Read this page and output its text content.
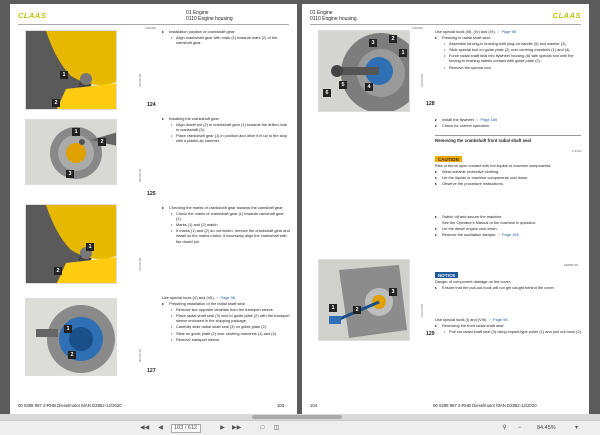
CLAAS	01 Engine
0110 Engine housing
2195-893
1
2	124
D1719-005

▸ Installation position of crankshaft gear:

• Align crankshaft gear with mark (1) towards mark (2) of the camshaft gear.

1
2
3
125
D1719-006

▸ Installing the crankshaft gear:

• Align dowel pin (2) in crankshaft gear (1) towards the drilled hole in crankshaft (3).

• Place crankshaft gear (1) in position and drive it in up to the stop with a plastic-tip hammer.

1
2
D1719-007

▸ Checking the marks of crankshaft gear towards the camshaft gear:

• Check the marks of crankshaft gear (1) towards camshaft gear (2).

• Marks (1) and (2) match.

• If marks (1) and (2) do not match, remove the crankshaft gear and install so the marks match, if necessary align the crankshaft with the dowel pin.

1
2
127
D1719-008

Use special tools (V) and (VII). ☞ Page 98

▸ Preparing installation of the radial shaft seal:

• Remove two opposite lamellas from the transport sleeve.

• Place radial shaft seal (3) next to guide plate (2) with the transport sleeve enclosed in the shipping package.

• Carefully slide radial shaft seal (3) on guide plate (2).

• Slide on guide plate (2) over centring mandrels (1) and (4).

• Remove transport sleeve.

00 0288 987 2-RHB Dieselmotor MAN D2862-12/2020	103
01 Engine
0110 Engine housing	CLAAS
1196-891
5
6
4
3
2
1
128
D2178-001

Use special tools (III), (IV) and (VI). ☞ Page 98

▸ Pressing in radial shaft seal:

• Assemble forcing-in bushing with plug-on handle (5) and washer (3).

• Slide special tool on guide plate (2) over centring mandrels (1) and (4).

• Force radial shaft seal into flywheel housing (6) with special tool until the forcing-in bushing makes contact with guide plate (2).

• Remove the special tool.

▸ Install the flywheel. ☞ Page 166

▸ Check for correct operation.

Removing the crankshaft front radial shaft seal
170-064

CAUTION

Risk of burns upon contact with hot liquids or machine components.

▸ Wear suitable protective clothing.

▸ Let the liquids or machine components cool down.

▸ Observe the procedure instructions.

▸ Switch off and secure the machine.

See the Operator's Manual of the machine in question.

▸ Let the diesel engine cool down.

▸ Remove the oscillation damper. ☞ Page 158

DE0595-001
1	2
3
129
D2173-001

NOTICE

Danger of component damage on the cover.

▸ Ensure that the pull-out hook will not get caught behind the cover.

Use special tools (I) and (VIII). ☞ Page 98

▸ Removing the front radial shaft seal:

• Pull out radial shaft seal (3) using impact-type puller (1) and pull-out hook (2).

104	00 0288 987 2-RHB Dieselmotor MAN D2862-12/2020
◀◀	◀	103 / 612	▶	▶▶	□	◫	⚲	−	84.45%	▾
